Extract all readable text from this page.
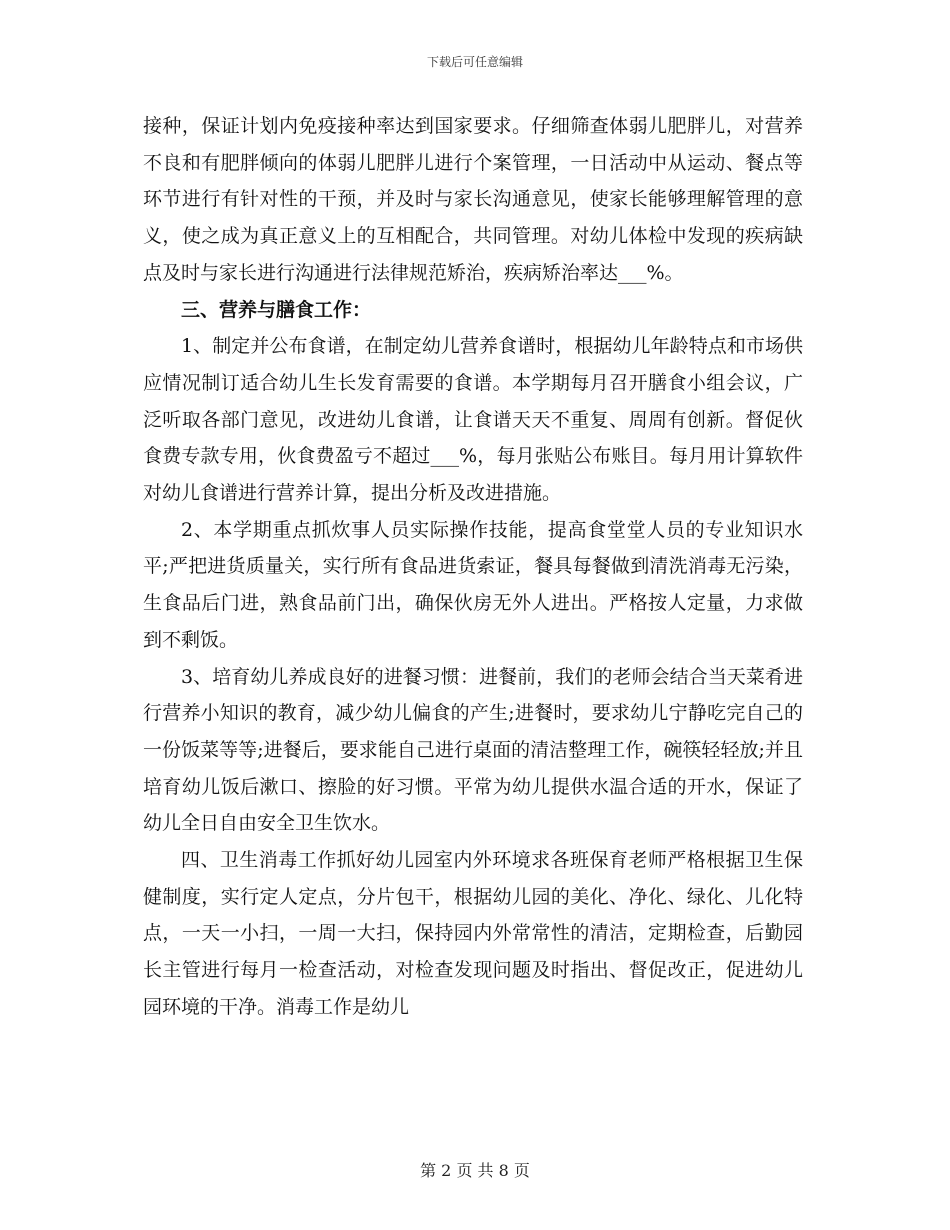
下载后可任意编辑

接种，保证计划内免疫接种率达到国家要求。仔细筛查体弱儿肥胖儿，对营养不良和有肥胖倾向的体弱儿肥胖儿进行个案管理，一日活动中从运动、餐点等环节进行有针对性的干预，并及时与家长沟通意见，使家长能够理解管理的意义，使之成为真正意义上的互相配合，共同管理。对幼儿体检中发现的疾病缺点及时与家长进行沟通进行法律规范矫治，疾病矫治率达___%。

三、营养与膳食工作：

1、制定并公布食谱，在制定幼儿营养食谱时，根据幼儿年龄特点和市场供应情况制订适合幼儿生长发育需要的食谱。本学期每月召开膳食小组会议，广泛听取各部门意见，改进幼儿食谱，让食谱天天不重复、周周有创新。督促伙食费专款专用，伙食费盈亏不超过___%，每月张贴公布账目。每月用计算软件对幼儿食谱进行营养计算，提出分析及改进措施。

2、本学期重点抓炊事人员实际操作技能，提高食堂堂人员的专业知识水平;严把进货质量关，实行所有食品进货索证，餐具每餐做到清洗消毒无污染，生食品后门进，熟食品前门出，确保伙房无外人进出。严格按人定量，力求做到不剩饭。

3、培育幼儿养成良好的进餐习惯：进餐前，我们的老师会结合当天菜肴进行营养小知识的教育，减少幼儿偏食的产生;进餐时，要求幼儿宁静吃完自己的一份饭菜等等;进餐后，要求能自己进行桌面的清洁整理工作，碗筷轻轻放;并且培育幼儿饭后漱口、擦脸的好习惯。平常为幼儿提供水温合适的开水，保证了幼儿全日自由安全卫生饮水。

四、卫生消毒工作抓好幼儿园室内外环境求各班保育老师严格根据卫生保健制度，实行定人定点，分片包干，根据幼儿园的美化、净化、绿化、儿化特点，一天一小扫，一周一大扫，保持园内外常常性的清洁，定期检查，后勤园长主管进行每月一检查活动，对检查发现问题及时指出、督促改正，促进幼儿园环境的干净。消毒工作是幼儿

第 2 页 共 8 页
